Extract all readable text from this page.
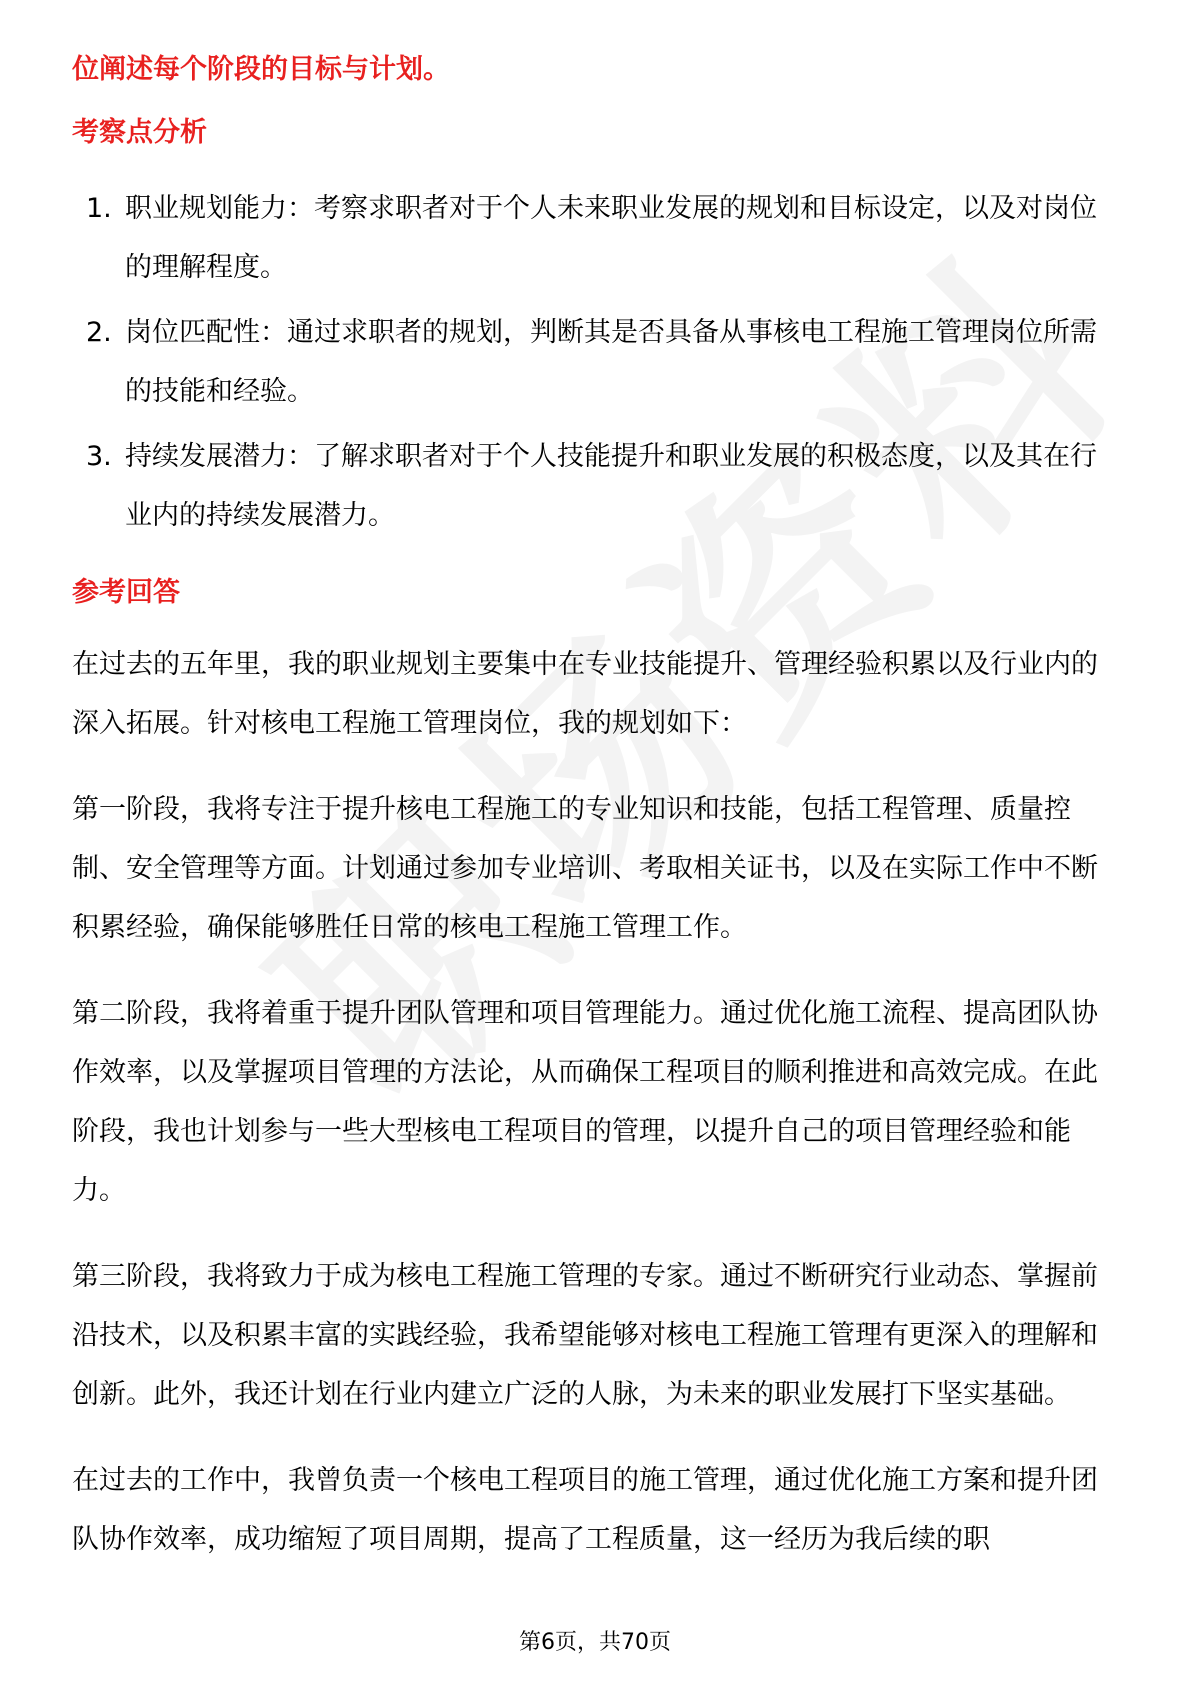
位阐述每个阶段的目标与计划。

考察点分析
1. 职业规划能力：考察求职者对于个人未来职业发展的规划和目标设定，以及对岗位的理解程度。
2. 岗位匹配性：通过求职者的规划，判断其是否具备从事核电工程施工管理岗位所需的技能和经验。
3. 持续发展潜力：了解求职者对于个人技能提升和职业发展的积极态度，以及其在行业内的持续发展潜力。
参考回答

在过去的五年里，我的职业规划主要集中在专业技能提升、管理经验积累以及行业内的深入拓展。针对核电工程施工管理岗位，我的规划如下：

第一阶段，我将专注于提升核电工程施工的专业知识和技能，包括工程管理、质量控制、安全管理等方面。计划通过参加专业培训、考取相关证书，以及在实际工作中不断积累经验，确保能够胜任日常的核电工程施工管理工作。

第二阶段，我将着重于提升团队管理和项目管理能力。通过优化施工流程、提高团队协作效率，以及掌握项目管理的方法论，从而确保工程项目的顺利推进和高效完成。在此阶段，我也计划参与一些大型核电工程项目的管理，以提升自己的项目管理经验和能力。

第三阶段，我将致力于成为核电工程施工管理的专家。通过不断研究行业动态、掌握前沿技术，以及积累丰富的实践经验，我希望能够对核电工程施工管理有更深入的理解和创新。此外，我还计划在行业内建立广泛的人脉，为未来的职业发展打下坚实基础。

在过去的工作中，我曾负责一个核电工程项目的施工管理，通过优化施工方案和提升团队协作效率，成功缩短了项目周期，提高了工程质量，这一经历为我后续的职

第6页，共70页
